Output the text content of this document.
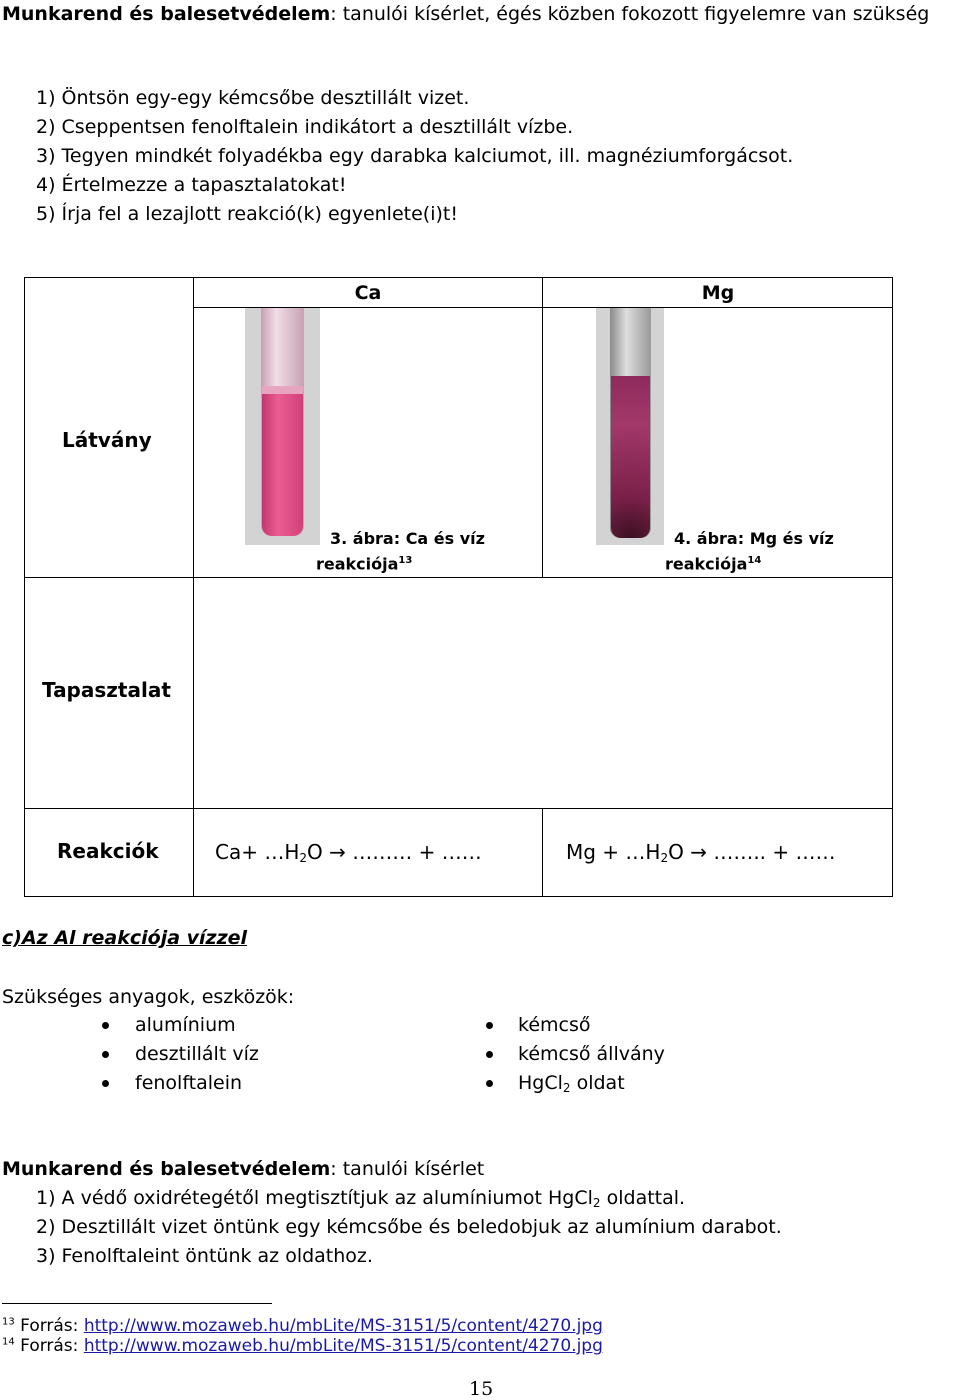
Munkarend és balesetvédelem: tanulói kísérlet, égés közben fokozott figyelemre van szükség
1) Öntsön egy-egy kémcsőbe desztillált vizet.
2) Cseppentsen fenolftalein indikátort a desztillált vízbe.
3) Tegyen mindkét folyadékba egy darabka kalciumot, ill. magnéziumforgácsot.
4) Értelmezze a tapasztalatokat!
5) Írja fel a lezajlott reakció(k) egyenlete(i)t!
Ca	Mg
Látvány
Tapasztalat
Reakciók
3. ábra: Ca és víz
reakciója$^{13}$
4. ábra: Mg és víz
reakciója$^{14}$
$Ca+ \dots H_2O$ → ……… + ……	$Mg + \dots H_2O$ → …….. + ……
c)Az Al reakciója vízzel
Szükséges anyagok, eszközök:
alumínium
desztillált víz
fenolftalein
kémcső
kémcső állvány
HgCl$_2$ oldat
Munkarend és balesetvédelem: tanulói kísérlet
1) A védő oxidrétegétől megtisztítjuk az alumíniumot HgCl$_2$ oldattal.
2) Desztillált vizet öntünk egy kémcsőbe és beledobjuk az alumínium darabot.
3) Fenolftaleint öntünk az oldathoz.
$^{13}$ Forrás: http://www.mozaweb.hu/mbLite/MS-3151/5/content/4270.jpg
$^{14}$ Forrás: http://www.mozaweb.hu/mbLite/MS-3151/5/content/4270.jpg
15
